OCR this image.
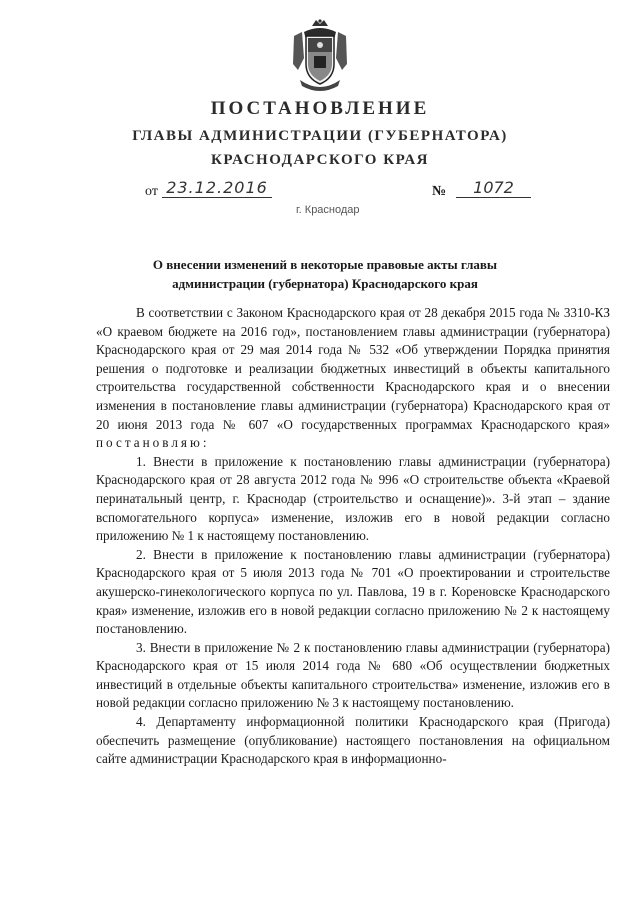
ПОСТАНОВЛЕНИЕ
ГЛАВЫ АДМИНИСТРАЦИИ (ГУБЕРНАТОРА)
КРАСНОДАРСКОГО КРАЯ
от 23.12.2016	№	1072
г. Краснодар
О внесении изменений в некоторые правовые акты главы
администрации (губернатора) Краснодарского края

В соответствии с Законом Краснодарского края от 28 декабря 2015 года № 3310-КЗ «О краевом бюджете на 2016 год», постановлением главы администрации (губернатора) Краснодарского края от 29 мая 2014 года № 532 «Об утверждении Порядка принятия решения о подготовке и реализации бюджетных инвестиций в объекты капитального строительства государственной собственности Краснодарского края и о внесении изменения в постановление главы администрации (губернатора) Краснодарского края от 20 июня 2013 года № 607 «О государственных программах Краснодарского края» постановляю:

1. Внести в приложение к постановлению главы администрации (губернатора) Краснодарского края от 28 августа 2012 года № 996 «О строительстве объекта «Краевой перинатальный центр, г. Краснодар (строительство и оснащение)». 3-й этап – здание вспомогательного корпуса» изменение, изложив его в новой редакции согласно приложению № 1 к настоящему постановлению.

2. Внести в приложение к постановлению главы администрации (губернатора) Краснодарского края от 5 июля 2013 года № 701 «О проектировании и строительстве акушерско-гинекологического корпуса по ул. Павлова, 19 в г. Кореновске Краснодарского края» изменение, изложив его в новой редакции согласно приложению № 2 к настоящему постановлению.

3. Внести в приложение № 2 к постановлению главы администрации (губернатора) Краснодарского края от 15 июля 2014 года № 680 «Об осуществлении бюджетных инвестиций в отдельные объекты капитального строительства» изменение, изложив его в новой редакции согласно приложению № 3 к настоящему постановлению.

4. Департаменту информационной политики Краснодарского края (Пригода) обеспечить размещение (опубликование) настоящего постановления на официальном сайте администрации Краснодарского края в информационно-
